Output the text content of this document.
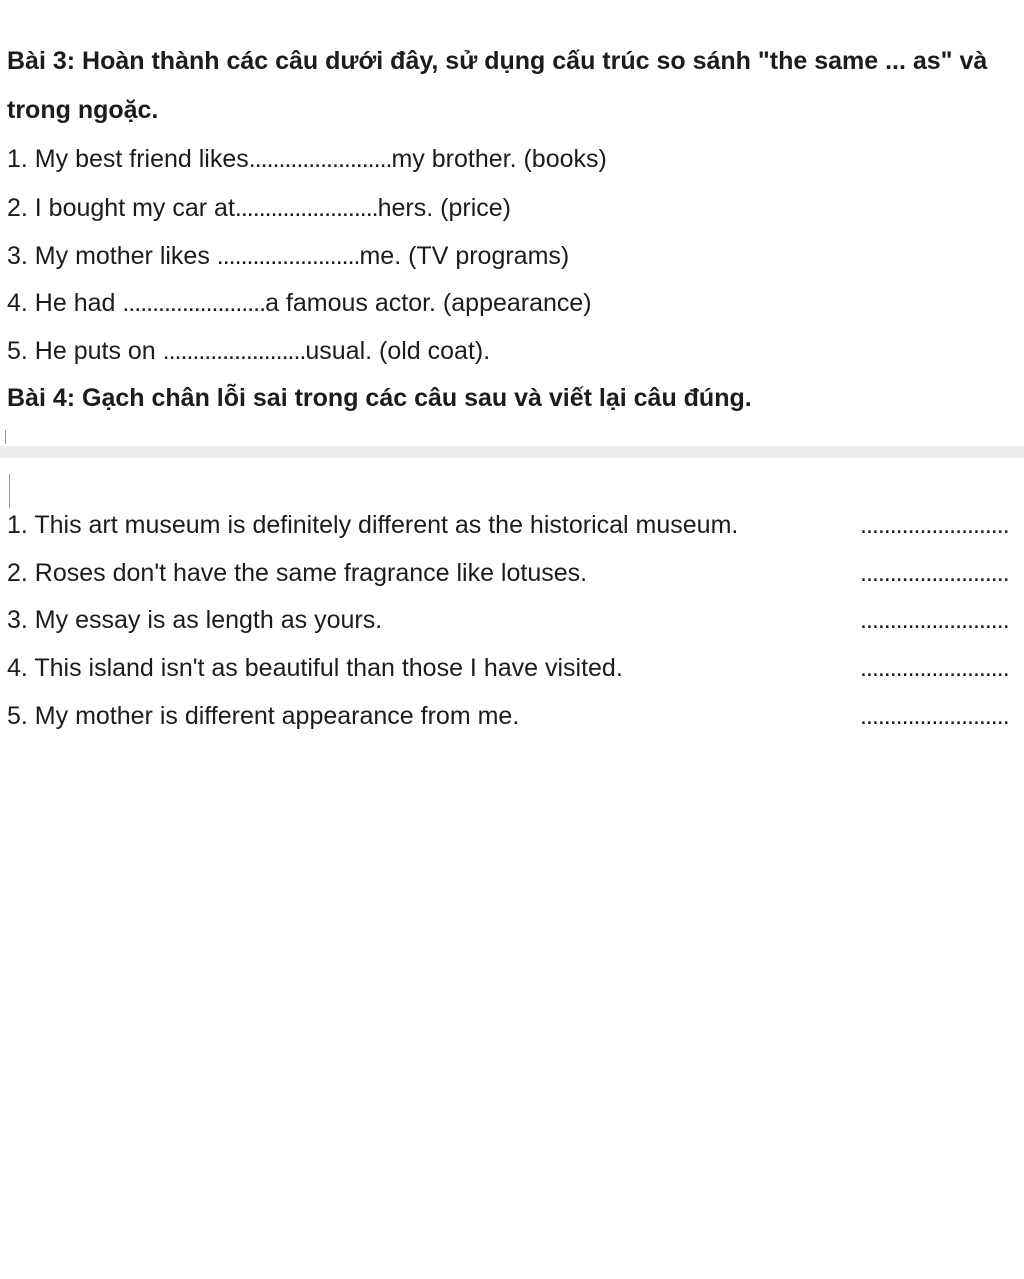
Bài 3: Hoàn thành các câu dưới đây, sử dụng cấu trúc so sánh "the same ... as" và
trong ngoặc.
1. My best friend likes........................my brother. (books)
2. I bought my car at........................hers. (price)
3. My mother likes ........................me. (TV programs)
4. He had ........................a famous actor. (appearance)
5. He puts on ........................usual. (old coat).
Bài 4: Gạch chân lỗi sai trong các câu sau và viết lại câu đúng.
1. This art museum is definitely different as the historical museum.	.........................
2. Roses don't have the same fragrance like lotuses.	.........................
3. My essay is as length as yours.	.........................
4. This island isn't as beautiful than those I have visited.	.........................
5. My mother is different appearance from me.	.........................
